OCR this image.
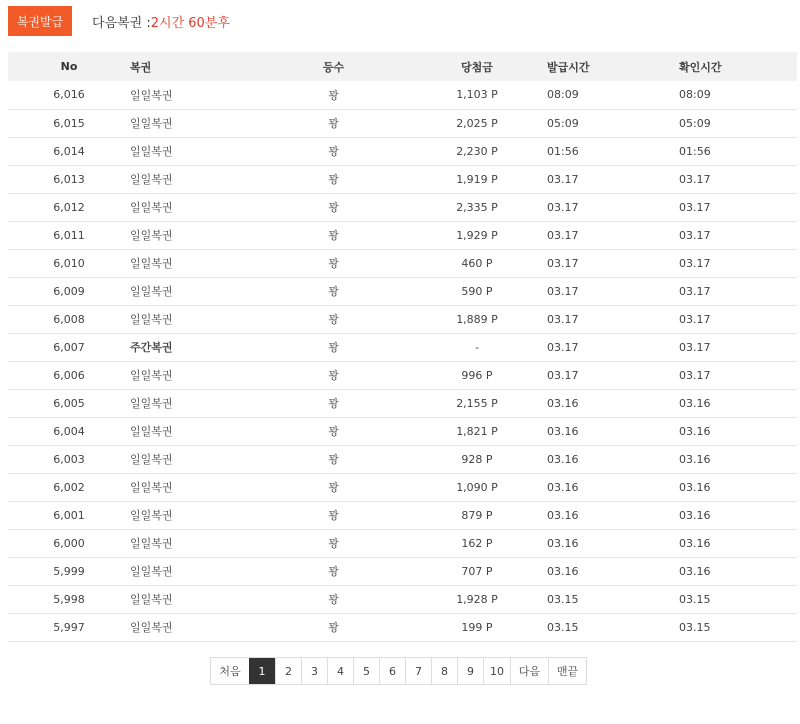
복권발급	다음복권 : 2시간 60분후
No	복권	등수	당첨금	발급시간	확인시간
6,016	일일복권	꽝	1,103 P	08:09	08:09
6,015	일일복권	꽝	2,025 P	05:09	05:09
6,014	일일복권	꽝	2,230 P	01:56	01:56
6,013	일일복권	꽝	1,919 P	03.17	03.17
6,012	일일복권	꽝	2,335 P	03.17	03.17
6,011	일일복권	꽝	1,929 P	03.17	03.17
6,010	일일복권	꽝	460 P	03.17	03.17
6,009	일일복권	꽝	590 P	03.17	03.17
6,008	일일복권	꽝	1,889 P	03.17	03.17
6,007	주간복권	꽝	-	03.17	03.17
6,006	일일복권	꽝	996 P	03.17	03.17
6,005	일일복권	꽝	2,155 P	03.16	03.16
6,004	일일복권	꽝	1,821 P	03.16	03.16
6,003	일일복권	꽝	928 P	03.16	03.16
6,002	일일복권	꽝	1,090 P	03.16	03.16
6,001	일일복권	꽝	879 P	03.16	03.16
6,000	일일복권	꽝	162 P	03.16	03.16
5,999	일일복권	꽝	707 P	03.16	03.16
5,998	일일복권	꽝	1,928 P	03.15	03.15
5,997	일일복권	꽝	199 P	03.15	03.15
처음	1	2	3	4	5	6	7	8	9	10	다음	맨끝
